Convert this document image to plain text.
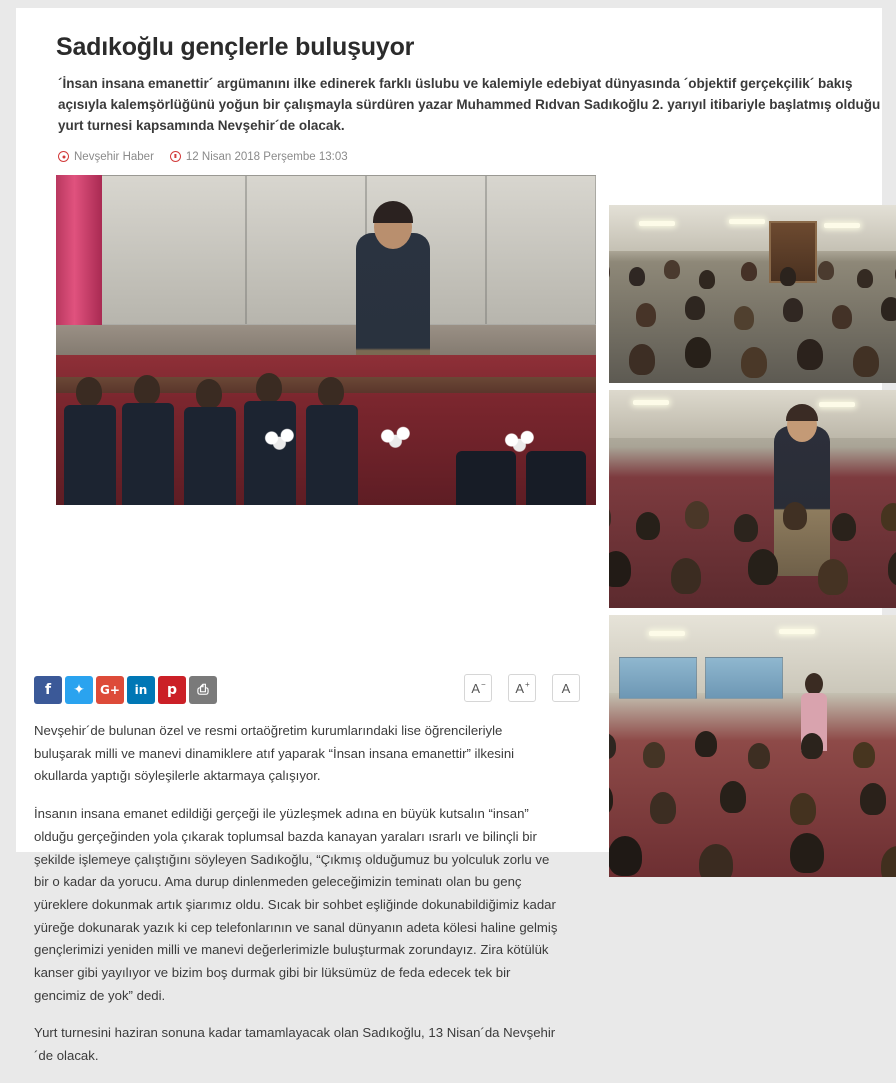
Sadıkoğlu gençlerle buluşuyor
´İnsan insana emanettir´ argümanını ilke edinerek farklı üslubu ve kalemiyle edebiyat dünyasında ´objektif gerçekçilik´ bakış açısıyla kalemşörlüğünü yoğun bir çalışmayla sürdüren yazar Muhammed Rıdvan Sadıkoğlu 2. yarıyıl itibariyle başlatmış olduğu yurt turnesi kapsamında Nevşehir´de olacak.
Nevşehir Haber	12 Nisan 2018 Perşembe 13:03
f	✦	G+	in	p	⎙	A− A+ A

Nevşehir´de bulunan özel ve resmi ortaöğretim kurumlarındaki lise öğrencileriyle buluşarak milli ve manevi dinamiklere atıf yaparak “İnsan insana emanettir” ilkesini okullarda yaptığı söyleşilerle aktarmaya çalışıyor.

İnsanın insana emanet edildiği gerçeği ile yüzleşmek adına en büyük kutsalın “insan” olduğu gerçeğinden yola çıkarak toplumsal bazda kanayan yaraları ısrarlı ve bilinçli bir şekilde işlemeye çalıştığını söyleyen Sadıkoğlu, “Çıkmış olduğumuz bu yolculuk zorlu ve bir o kadar da yorucu. Ama durup dinlenmeden geleceğimizin teminatı olan bu genç yüreklere dokunmak artık şiarımız oldu. Sıcak bir sohbet eşliğinde dokunabildiğimiz kadar yüreğe dokunarak yazık ki cep telefonlarının ve sanal dünyanın adeta kölesi haline gelmiş gençlerimizi yeniden milli ve manevi değerlerimizle buluşturmak zorundayız. Zira kötülük kanser gibi yayılıyor ve bizim boş durmak gibi bir lüksümüz de feda edecek tek bir gencimiz de yok” dedi.

Yurt turnesini haziran sonuna kadar tamamlayacak olan Sadıkoğlu, 13 Nisan´da Nevşehir´de olacak.
